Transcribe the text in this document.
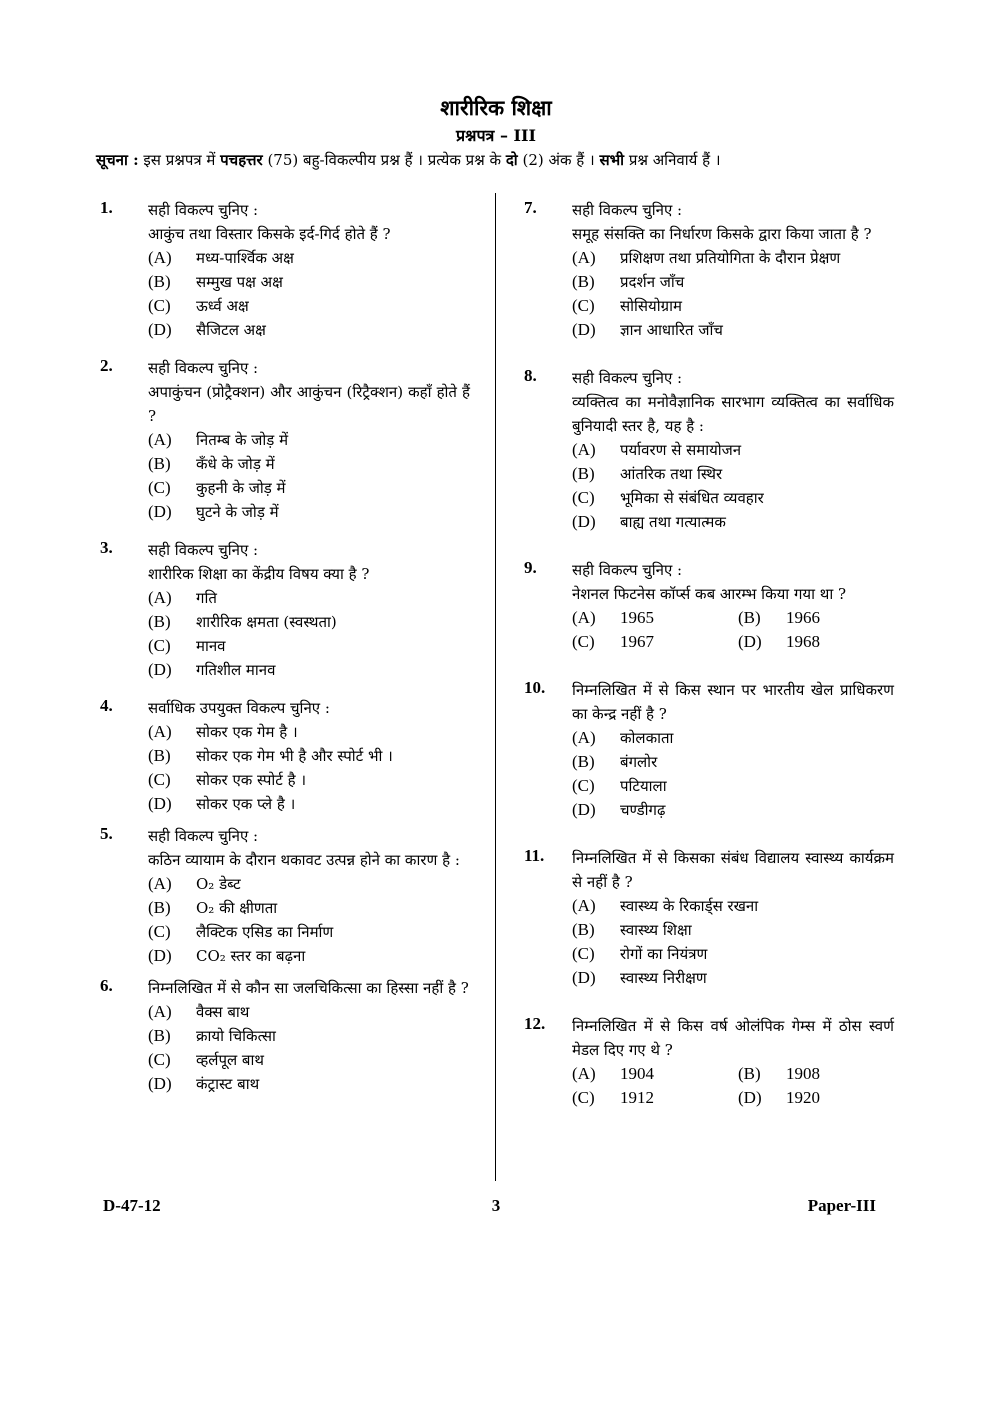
शारीरिक शिक्षा
प्रश्नपत्र – III
सूचना : इस प्रश्नपत्र में पचहत्तर (75) बहु-विकल्पीय प्रश्न हैं । प्रत्येक प्रश्न के दो (2) अंक हैं । सभी प्रश्न अनिवार्य हैं ।
1. सही विकल्प चुनिए :
आकुंच तथा विस्तार किसके इर्द-गिर्द होते हैं ?
(A) मध्य-पार्श्विक अक्ष
(B) सम्मुख पक्ष अक्ष
(C) ऊर्ध्व अक्ष
(D) सैजिटल अक्ष
2. सही विकल्प चुनिए :
अपाकुंचन (प्रोट्रैक्शन) और आकुंचन (रिट्रैक्शन) कहाँ होते हैं ?
(A) नितम्ब के जोड़ में
(B) कँधे के जोड़ में
(C) कुहनी के जोड़ में
(D) घुटने के जोड़ में
3. सही विकल्प चुनिए :
शारीरिक शिक्षा का केंद्रीय विषय क्या है ?
(A) गति
(B) शारीरिक क्षमता (स्वस्थता)
(C) मानव
(D) गतिशील मानव
4. सर्वाधिक उपयुक्त विकल्प चुनिए :
(A) सोकर एक गेम है ।
(B) सोकर एक गेम भी है और स्पोर्ट भी ।
(C) सोकर एक स्पोर्ट है ।
(D) सोकर एक प्ले है ।
5. सही विकल्प चुनिए :
कठिन व्यायाम के दौरान थकावट उत्पन्न होने का कारण है :
(A) O₂ डेब्ट
(B) O₂ की क्षीणता
(C) लैक्टिक एसिड का निर्माण
(D) CO₂ स्तर का बढ़ना
6. निम्नलिखित में से कौन सा जलचिकित्सा का हिस्सा नहीं है ?
(A) वैक्स बाथ
(B) क्रायो चिकित्सा
(C) व्हर्लपूल बाथ
(D) कंट्रास्ट बाथ
7. सही विकल्प चुनिए :
समूह संसक्ति का निर्धारण किसके द्वारा किया जाता है ?
(A) प्रशिक्षण तथा प्रतियोगिता के दौरान प्रेक्षण
(B) प्रदर्शन जाँच
(C) सोसियोग्राम
(D) ज्ञान आधारित जाँच
8. सही विकल्प चुनिए :
व्यक्तित्व का मनोवैज्ञानिक सारभाग व्यक्तित्व का सर्वाधिक बुनियादी स्तर है, यह है :
(A) पर्यावरण से समायोजन
(B) आंतरिक तथा स्थिर
(C) भूमिका से संबंधित व्यवहार
(D) बाह्य तथा गत्यात्मक
9. सही विकल्प चुनिए :
नेशनल फिटनेस कॉर्प्स कब आरम्भ किया गया था ?
(A) 1965	(B) 1966
(C) 1967	(D) 1968
10. निम्नलिखित में से किस स्थान पर भारतीय खेल प्राधिकरण का केन्द्र नहीं है ?
(A) कोलकाता
(B) बंगलोर
(C) पटियाला
(D) चण्डीगढ़
11. निम्नलिखित में से किसका संबंध विद्यालय स्वास्थ्य कार्यक्रम से नहीं है ?
(A) स्वास्थ्य के रिकार्ड्स रखना
(B) स्वास्थ्य शिक्षा
(C) रोगों का नियंत्रण
(D) स्वास्थ्य निरीक्षण
12. निम्नलिखित में से किस वर्ष ओलंपिक गेम्स में ठोस स्वर्ण मेडल दिए गए थे ?
(A) 1904	(B) 1908
(C) 1912	(D) 1920
D-47-12	3	Paper-III
